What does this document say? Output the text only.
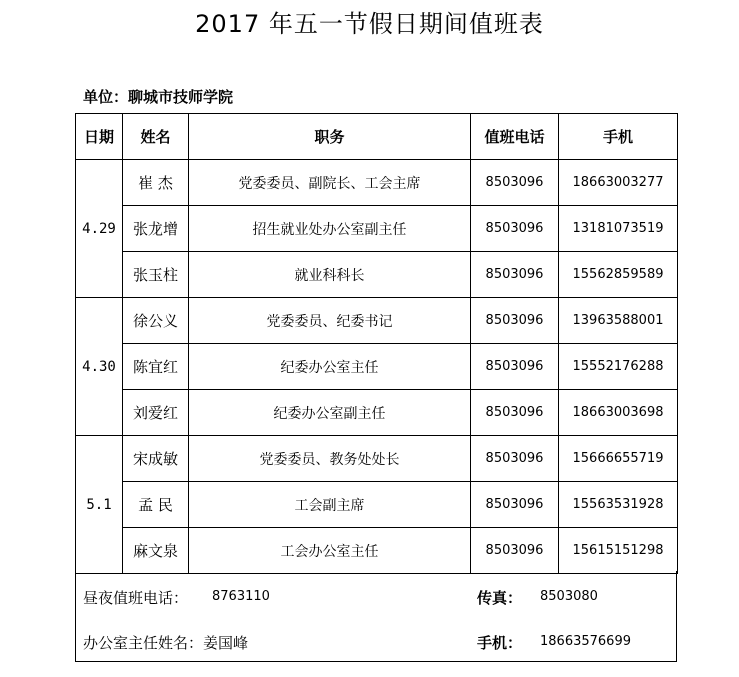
2017 年五一节假日期间值班表
单位：聊城市技师学院
日期	姓名	职务	值班电话	手机
4.29	崔 杰	党委委员、副院长、工会主席	8503096	18663003277
	张龙增	招生就业处办公室副主任	8503096	13181073519
	张玉柱	就业科科长	8503096	15562859589
4.30	徐公义	党委委员、纪委书记	8503096	13963588001
	陈宜红	纪委办公室主任	8503096	15552176288
	刘爱红	纪委办公室副主任	8503096	18663003698
5.1	宋成敏	党委委员、教务处处长	8503096	15666655719
	孟 民	工会副主席	8503096	15563531928
	麻文泉	工会办公室主任	8503096	15615151298
昼夜值班电话： 8763110	传真： 8503080
办公室主任姓名：姜国峰	手机： 18663576699
